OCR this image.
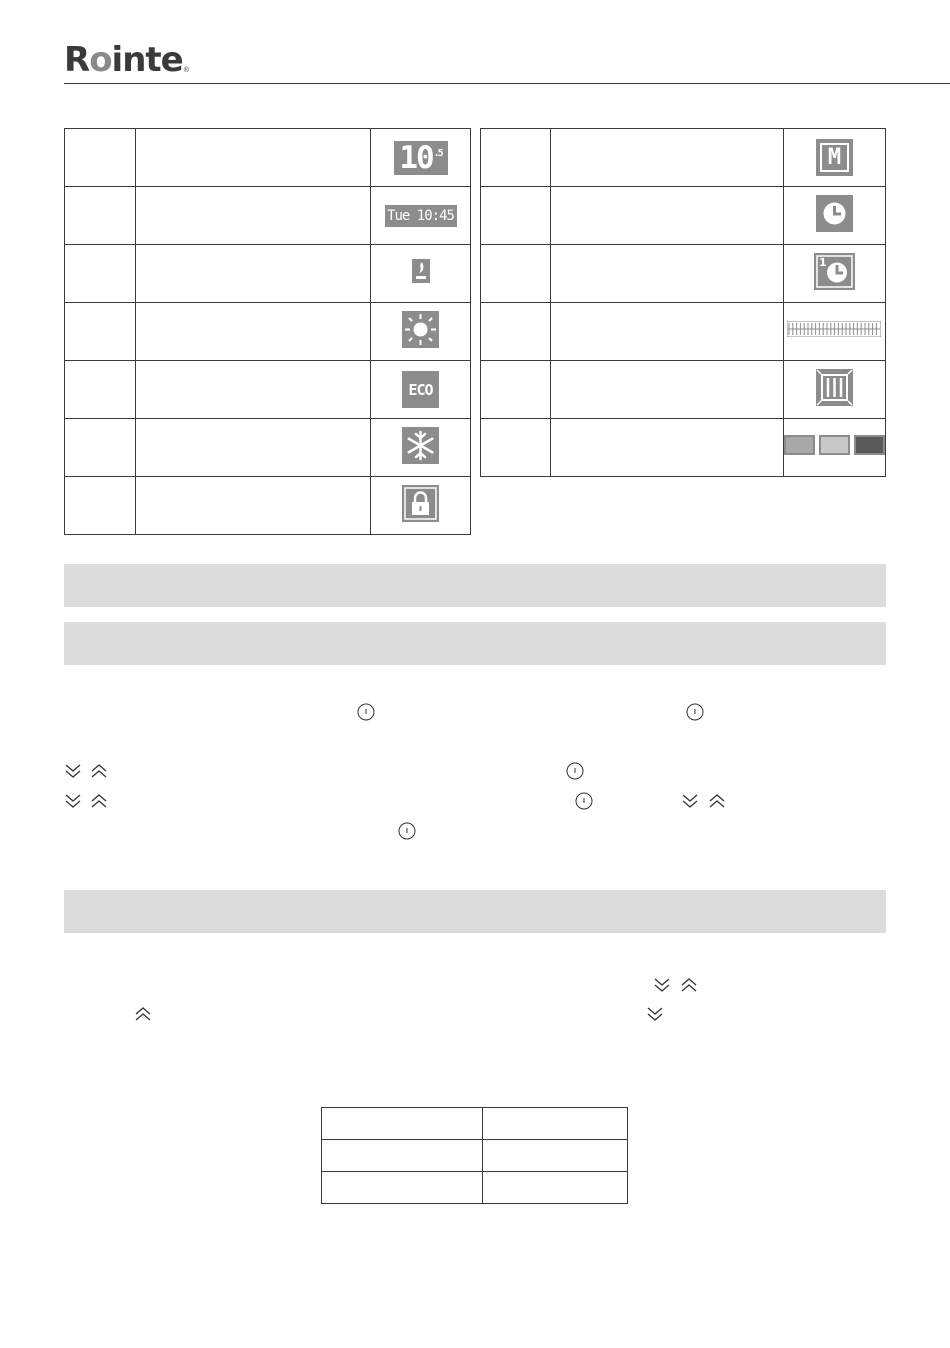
Rointe ®

		10 .5

		Tue 10:45

		ECO

		M

		1
